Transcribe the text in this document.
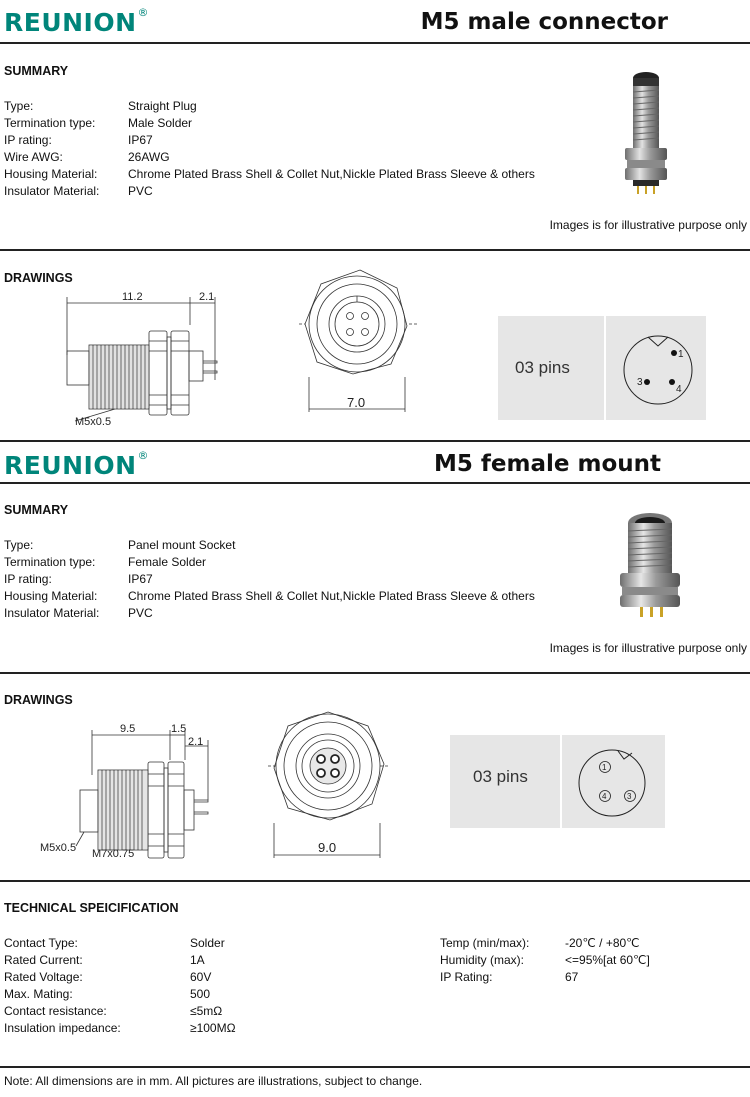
REUNION®	M5 male connector
SUMMARY
Type:	Straight Plug
Termination type:	Male Solder
IP rating:	IP67
Wire AWG:	26AWG
Housing Material:	Chrome Plated Brass Shell & Collet Nut,Nickle Plated Brass Sleeve & others
Insulator Material: PVC
Images is for illustrative purpose only
DRAWINGS
11.2	2.1
M5x0.5
7.0
03 pins
1
3
4
REUNION®	M5 female mount
SUMMARY
Type:	Panel mount Socket
Termination type:	Female Solder
IP rating:	IP67
Housing Material:	Chrome Plated Brass Shell & Collet Nut,Nickle Plated Brass Sleeve & others
Insulator Material: PVC
Images is for illustrative purpose only
DRAWINGS
9.5	1.5
2.1
M5x0.5 M7x0.75	9.0
03 pins	1
4	3
TECHNICAL SPEICIFICATION
Contact Type:	Solder
Rated Current:	1A
Rated Voltage:	60V
Max. Mating:	500
Contact resistance:	≤5mΩ
Insulation impedance:	≥100MΩ
Temp (min/max):	-20℃ / +80℃
Humidity (max):	<=95%[at 60℃]
IP Rating:	67
Note: All dimensions are in mm. All pictures are illustrations, subject to change.
